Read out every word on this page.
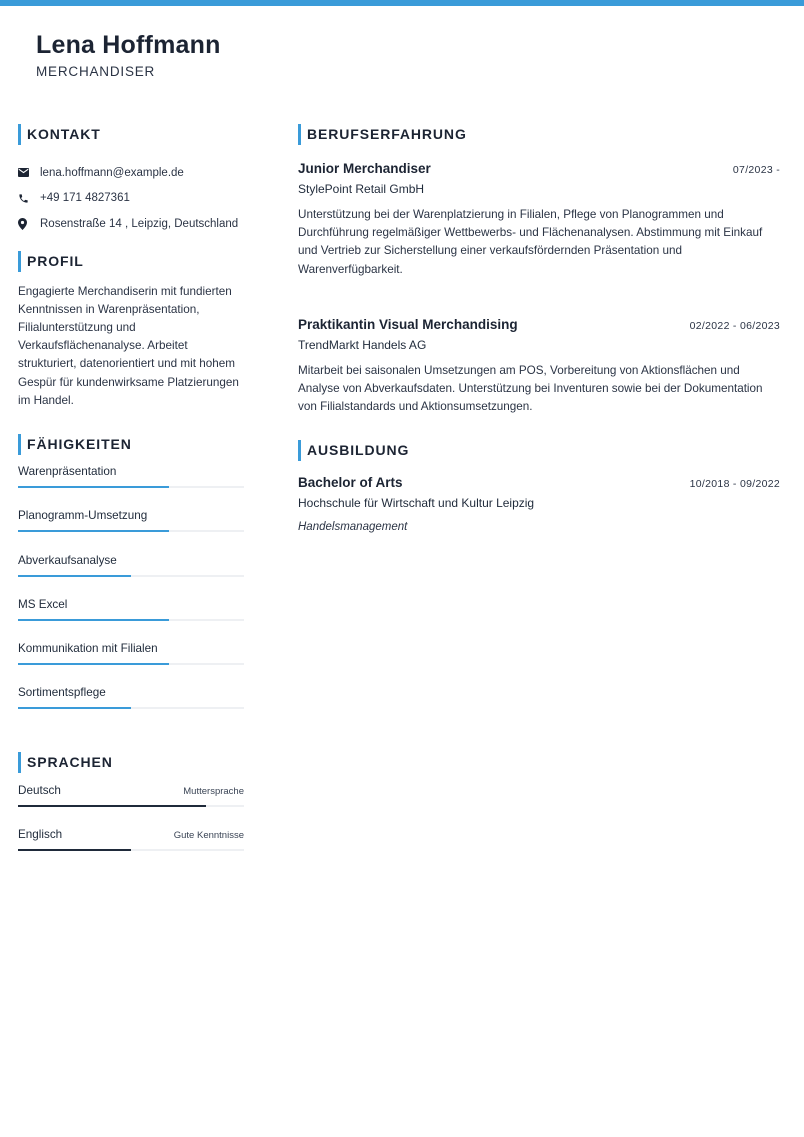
Lena Hoffmann
MERCHANDISER
KONTAKT
lena.hoffmann@example.de
+49 171 4827361
Rosenstraße 14 , Leipzig, Deutschland
PROFIL
Engagierte Merchandiserin mit fundierten Kenntnissen in Warenpräsentation, Filialunterstützung und Verkaufsflächenanalyse. Arbeitet strukturiert, datenorientiert und mit hohem Gespür für kundenwirksame Platzierungen im Handel.
FÄHIGKEITEN
Warenpräsentation
Planogramm-Umsetzung
Abverkaufsanalyse
MS Excel
Kommunikation mit Filialen
Sortimentspflege
SPRACHEN
Deutsch	Muttersprache
Englisch	Gute Kenntnisse
BERUFSERFAHRUNG
Junior Merchandiser	07/2023 -
StylePoint Retail GmbH
Unterstützung bei der Warenplatzierung in Filialen, Pflege von Planogrammen und Durchführung regelmäßiger Wettbewerbs- und Flächenanalysen. Abstimmung mit Einkauf und Vertrieb zur Sicherstellung einer verkaufsfördernden Präsentation und Warenverfügbarkeit.
Praktikantin Visual Merchandising	02/2022 - 06/2023
TrendMarkt Handels AG
Mitarbeit bei saisonalen Umsetzungen am POS, Vorbereitung von Aktionsflächen und Analyse von Abverkaufsdaten. Unterstützung bei Inventuren sowie bei der Dokumentation von Filialstandards und Aktionsumsetzungen.
AUSBILDUNG
Bachelor of Arts	10/2018 - 09/2022
Hochschule für Wirtschaft und Kultur Leipzig
Handelsmanagement
